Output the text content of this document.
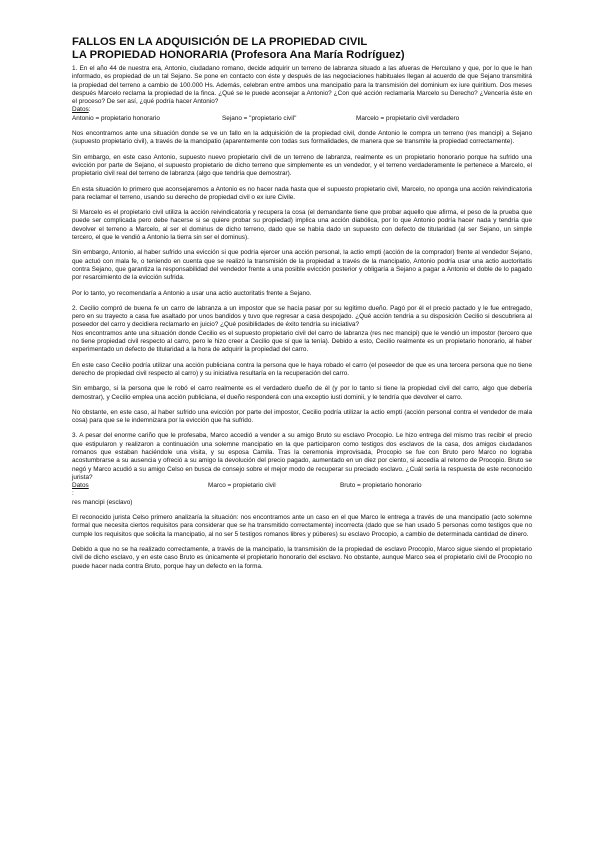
FALLOS EN LA ADQUISICIÓN DE LA PROPIEDAD CIVIL
LA PROPIEDAD HONORARIA (Profesora Ana María Rodríguez)

1. En el año 44 de nuestra era, Antonio, ciudadano romano, decide adquirir un terreno de labranza situado a las afueras de Herculano y que, por lo que le han informado, es propiedad de un tal Sejano. Se pone en contacto con éste y después de las negociaciones habituales llegan al acuerdo de que Sejano transmitirá la propiedad del terreno a cambio de 100.000 Hs. Además, celebran entre ambos una mancipatio para la transmisión del dominium ex iure quiritium. Dos meses después Marcelo reclama la propiedad de la finca. ¿Qué se le puede aconsejar a Antonio? ¿Con qué acción reclamaría Marcelo su Derecho? ¿Vencería éste en el proceso? De ser así, ¿qué podría hacer Antonio?

Datos:

Antonio = propietario honorario	Sejano = "propietario civil"	Marcelo = propietario civil verdadero

Nos encontramos ante una situación donde se ve un fallo en la adquisición de la propiedad civil, donde Antonio le compra un terreno (res mancipi) a Sejano (supuesto propietario civil), a través de la mancipatio (aparentemente con todas sus formalidades, de manera que se transmite la propiedad correctamente).

Sin embargo, en este caso Antonio, supuesto nuevo propietario civil de un terreno de labranza, realmente es un propietario honorario porque ha sufrido una evicción por parte de Sejano, el supuesto propietario de dicho terreno que simplemente es un vendedor, y el terreno verdaderamente le pertenece a Marcelo, el propietario civil real del terreno de labranza (algo que tendría que demostrar).

En esta situación lo primero que aconsejaremos a Antonio es no hacer nada hasta que el supuesto propietario civil, Marcelo, no oponga una acción reivindicatoria para reclamar el terreno, usando su derecho de propiedad civil o ex iure Civile.

Si Marcelo es el propietario civil utiliza la acción reivindicatoria y recupera la cosa (el demandante tiene que probar aquello que afirma, el peso de la prueba que puede ser complicada pero debe hacerse si se quiere probar su propiedad) implica una acción diabólica, por lo que Antonio podría hacer nada y tendría que devolver el terreno a Marcelo, al ser el dominus de dicho terreno, dado que se había dado un supuesto con defecto de titularidad (al ser Sejano, un simple tercero, el que le vendió a Antonio la tierra sin ser el dominus).

Sin embargo, Antonio, al haber sufrido una evicción si que podría ejercer una acción personal, la actio empti (acción de la comprador) frente al vendedor Sejano, que actuó con mala fe, o teniendo en cuenta que se realizó la transmisión de la propiedad a través de la mancipatio, Antonio podría usar una actio auctoritatis contra Sejano, que garantiza la responsabilidad del vendedor frente a una posible evicción posterior y obligaría a Sejano a pagar a Antonio el doble de lo pagado por resarcimiento de la evicción sufrida.

Por lo tanto, yo recomendaría a Antonio a usar una actio auctoritatis frente a Sejano.

2. Cecilio compró de buena fe un carro de labranza a un impostor que se hacía pasar por su legítimo dueño. Pagó por él el precio pactado y le fue entregado, pero en su trayecto a casa fue asaltado por unos bandidos y tuvo que regresar a casa despojado. ¿Qué acción tendría a su disposición Cecilio si descubriera al poseedor del carro y decidiera reclamarlo en juicio? ¿Qué posibilidades de éxito tendría su iniciativa?

Nos encontramos ante una situación donde Cecilio es el supuesto propietario civil del carro de labranza (res nec mancipi) que le vendió un impostor (tercero que no tiene propiedad civil respecto al carro, pero le hizo creer a Cecilio que sí que la tenía). Debido a esto, Cecilio realmente es un propietario honorario, al haber experimentado un defecto de titularidad a la hora de adquirir la propiedad del carro.

En este caso Cecilio podría utilizar una acción publiciana contra la persona que le haya robado el carro (el poseedor de que es una tercera persona que no tiene derecho de propiedad civil respecto al carro) y su iniciativa resultaría en la recuperación del carro.

Sin embargo, si la persona que le robó el carro realmente es el verdadero dueño de él (y por lo tanto si tiene la propiedad civil del carro, algo que debería demostrar), y Cecilio emplea una acción publiciana, el dueño responderá con una exceptio iusti dominii, y le tendría que devolver el carro.

No obstante, en este caso, al haber sufrido una evicción por parte del impostor, Cecilio podría utilizar la actio empti (acción personal contra el vendedor de mala cosa) para que se le indemnizara por la evicción que ha sufrido.

3. A pesar del enorme cariño que le profesaba, Marco accedió a vender a su amigo Bruto su esclavo Procopio. Le hizo entrega del mismo tras recibir el precio que estipularon y realizaron a continuación una solemne mancipatio en la que participaron como testigos dos esclavos de la casa, dos amigos ciudadanos romanos que estaban haciéndole una visita, y su esposa Camila. Tras la ceremonia improvisada, Procopio se fue con Bruto pero Marco no lograba acostumbrarse a su ausencia y ofreció a su amigo la devolución del precio pagado, aumentado en un diez por ciento, si accedía al retorno de Procopio. Bruto se negó y Marco acudió a su amigo Celso en busca de consejo sobre el mejor modo de recuperar su preciado esclavo. ¿Cuál sería la respuesta de este reconocido jurista?

Datos
:
res mancipi (esclavo)
Marco = propietario civil	Bruto = propietario honorario

El reconocido jurista Celso primero analizaría la situación: nos encontramos ante un caso en el que Marco le entrega a través de una mancipatio (acto solemne formal que necesita ciertos requisitos para considerar que se ha transmitido correctamente) incorrecta (dado que se han usado 5 personas como testigos que no cumple los requisitos que solicita la mancipatio, al no ser 5 testigos romanos libres y púberes) su esclavo Procopio, a cambio de determinada cantidad de dinero.

Debido a que no se ha realizado correctamente, a través de la mancipatio, la transmisión de la propiedad de esclavo Procopio, Marco sigue siendo el propietario civil de dicho esclavo, y en este caso Bruto es únicamente el propietario honorario del esclavo. No obstante, aunque Marco sea el propietario civil de Procopio no puede hacer nada contra Bruto, porque hay un defecto en la forma.
